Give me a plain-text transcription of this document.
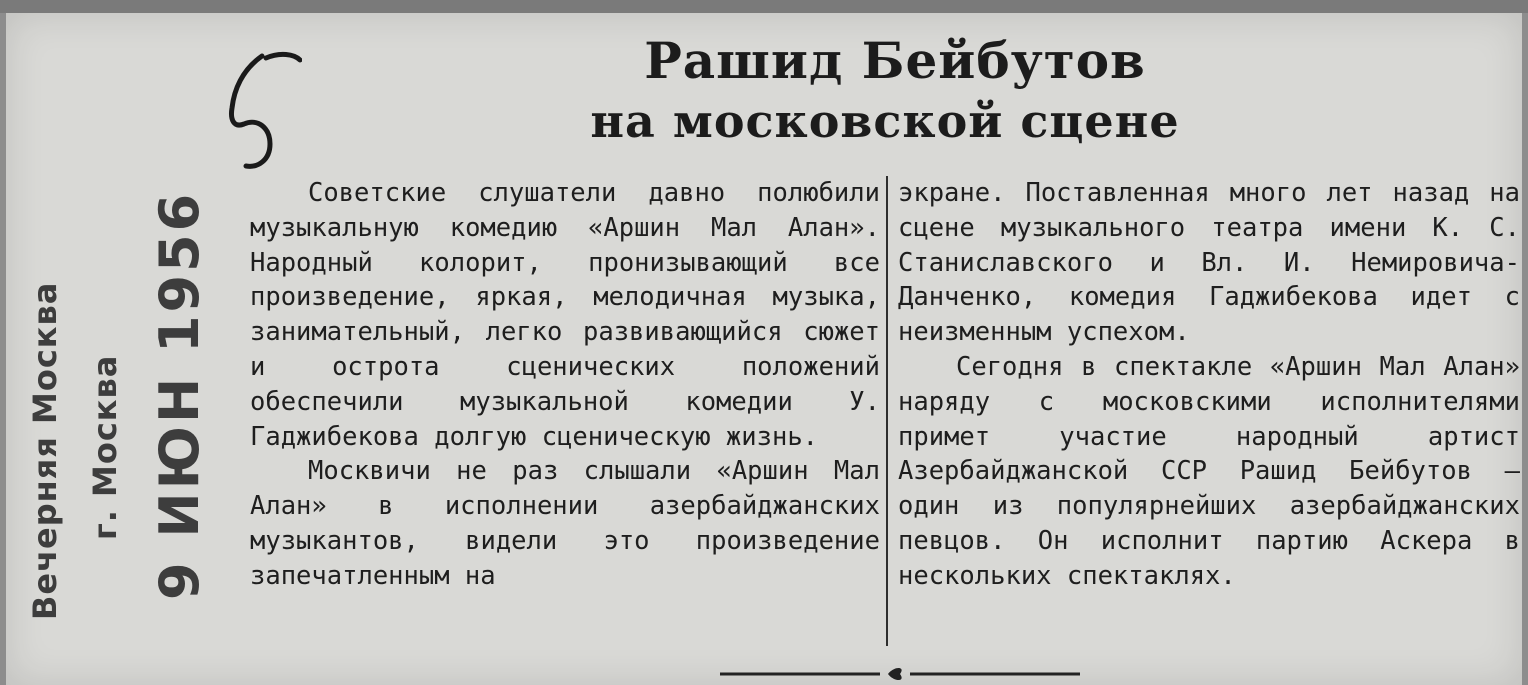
Рашид Бейбутов
на московской сцене
Вечерняя Москва г. Москва 9 ИЮН 1956	Советские слушатели давно полюбили музыкальную комедию «Аршин Мал Алан». Народный колорит, пронизывающий все произведение, яркая, мелодичная музыка, занимательный, легко развивающийся сюжет и острота сценических положений обеспечили музыкальной комедии У. Гаджибекова долгую сценическую жизнь.

Москвичи не раз слышали «Аршин Мал Алан» в исполнении азербайджанских музыкантов, видели это произведение запечатленным на

экране. Поставленная много лет назад на сцене музыкального театра имени К. С. Станиславского и Вл. И. Немировича-Данченко, комедия Гаджибекова идет с неизменным успехом.

Сегодня в спектакле «Аршин Мал Алан» наряду с московскими исполнителями примет участие народный артист Азербайджанской ССР Рашид Бейбутов — один из популярнейших азербайджанских певцов. Он исполнит партию Аскера в нескольких спектаклях.
